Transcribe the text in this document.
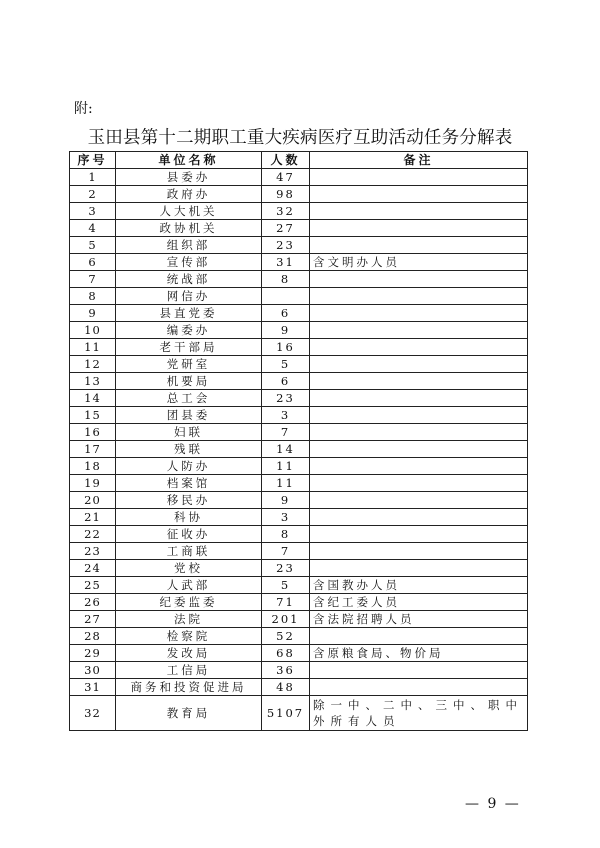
附:
玉田县第十二期职工重大疾病医疗互助活动任务分解表
序号	单位名称	人数	备注
1	县委办	47	
2	政府办	98	
3	人大机关	32	
4	政协机关	27	
5	组织部	23	
6	宣传部	31	含文明办人员
7	统战部	8	
8	网信办		
9	县直党委	6	
10	编委办	9	
11	老干部局	16	
12	党研室	5	
13	机要局	6	
14	总工会	23	
15	团县委	3	
16	妇联	7	
17	残联	14	
18	人防办	11	
19	档案馆	11	
20	移民办	9	
21	科协	3	
22	征收办	8	
23	工商联	7	
24	党校	23	
25	人武部	5	含国教办人员
26	纪委监委	71	含纪工委人员
27	法院	201	含法院招聘人员
28	检察院	52	
29	发改局	68	含原粮食局、物价局
30	工信局	36	
31	商务和投资促进局	48	
32	教育局	5107	除一中、二中、三中、职中外所有人员
— 9 —
